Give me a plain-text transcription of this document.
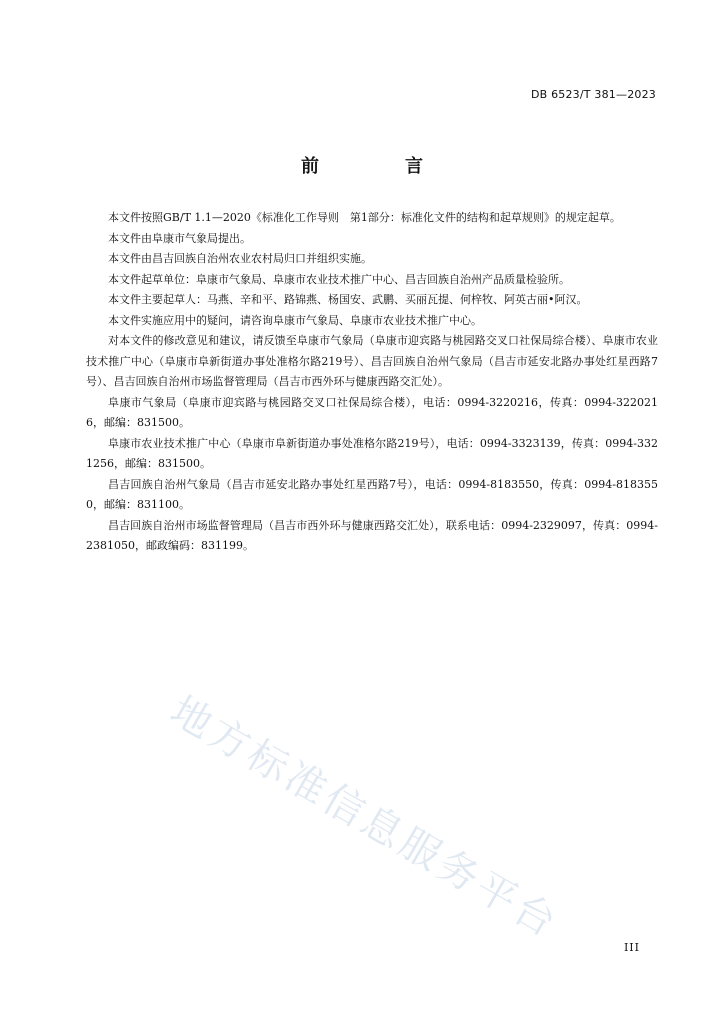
DB 6523/T 381—2023
前　言

本文件按照GB/T 1.1—2020《标准化工作导则　第1部分：标准化文件的结构和起草规则》的规定起草。

本文件由阜康市气象局提出。

本文件由昌吉回族自治州农业农村局归口并组织实施。

本文件起草单位：阜康市气象局、阜康市农业技术推广中心、昌吉回族自治州产品质量检验所。

本文件主要起草人：马燕、辛和平、路锦燕、杨国安、武鹏、买丽瓦提、何梓牧、阿英古丽•阿汉。

本文件实施应用中的疑问，请咨询阜康市气象局、阜康市农业技术推广中心。

对本文件的修改意见和建议，请反馈至阜康市气象局（阜康市迎宾路与桃园路交叉口社保局综合楼）、阜康市农业技术推广中心（阜康市阜新街道办事处准格尔路219号）、昌吉回族自治州气象局（昌吉市延安北路办事处红星西路7号）、昌吉回族自治州市场监督管理局（昌吉市西外环与健康西路交汇处）。

阜康市气象局（阜康市迎宾路与桃园路交叉口社保局综合楼），电话：0994-3220216，传真：0994-3220216，邮编：831500。

阜康市农业技术推广中心（阜康市阜新街道办事处准格尔路219号），电话：0994-3323139，传真：0994-3321256，邮编：831500。

昌吉回族自治州气象局（昌吉市延安北路办事处红星西路7号），电话：0994-8183550，传真：0994-8183550，邮编：831100。

昌吉回族自治州市场监督管理局（昌吉市西外环与健康西路交汇处），联系电话：0994-2329097，传真：0994-2381050，邮政编码：831199。

地方标准信息服务平台	III
